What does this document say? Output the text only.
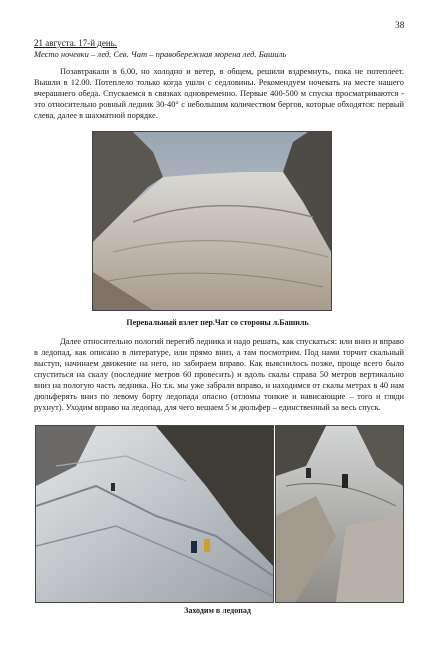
38
21 августа. 17-й день.
Место ночевки – лед. Сев. Чат – правобережная морена лед. Башиль

Позавтракали в 6.00, но холодно и ветер, в общем, решили вздремнуть, пока не потеплеет. Вышли в 12.00. Потеплело только когда ушли с седловины. Рекомендуем ночевать на месте нашего вчерашнего обеда. Спускаемся в связках одновременно. Первые 400-500 м спуска просматриваются - это относительно ровный ледник 30-40° с небольшим количеством бергов, которые обходятся: первый слева, далее в шахматной порядке.

Перевальный взлет пер.Чат со стороны л.Башиль

Далее относительно пологий перегиб ледника и надо решать, как спускаться: или вниз и вправо в ледопад, как описано в литературе, или прямо вниз, а там посмотрим. Под нами торчит скальный выступ, начинаем движение на него, но забираем вправо. Как выяснилось позже, проще всего было спуститься на скалу (последние метров 60 провесить) и вдоль скалы справа 50 метров вертикально вниз на пологую часть ледника. Но т.к. мы уже забрали вправо, и находимся от скалы метрах в 40 нам дюльферять вниз по левому борту ледопада опасно (отломы тонкие и нависающие – того и гляди рухнут). Уходим вправо на ледопад, для чего вешаем 5 м дюльфер – единственный за весь спуск.

Заходим в ледопад
